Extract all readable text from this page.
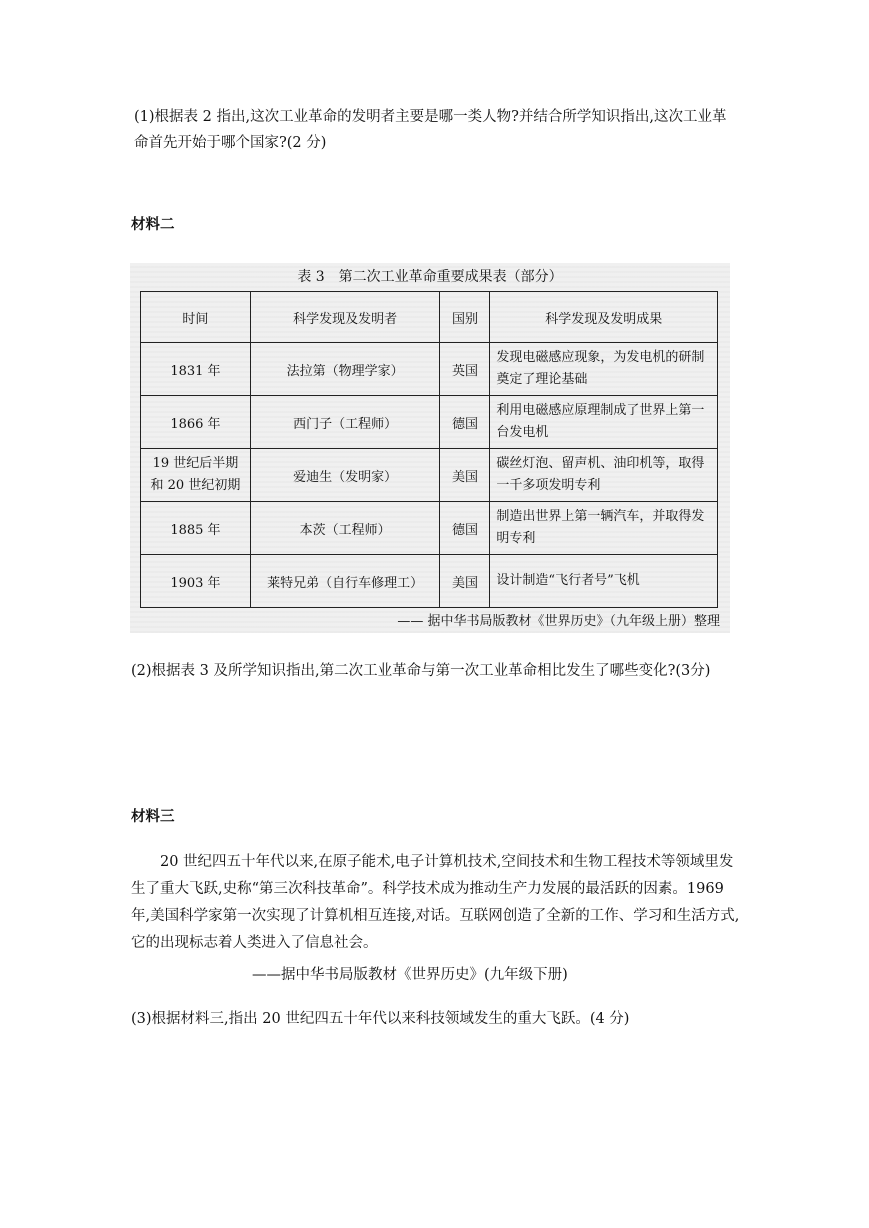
(1)根据表 2 指出,这次工业革命的发明者主要是哪一类人物?并结合所学知识指出,这次工业革命首先开始于哪个国家?(2 分)
材料二
表 3　第二次工业革命重要成果表（部分）
时间	科学发现及发明者	国别	科学发现及发明成果
1831 年	法拉第（物理学家）	英国	发现电磁感应现象，为发电机的研制奠定了理论基础
1866 年	西门子（工程师）	德国	利用电磁感应原理制成了世界上第一台发电机
19 世纪后半期和 20 世纪初期	爱迪生（发明家）	美国	碳丝灯泡、留声机、油印机等，取得一千多项发明专利
1885 年	本茨（工程师）	德国	制造出世界上第一辆汽车，并取得发明专利
1903 年	莱特兄弟（自行车修理工）	美国	设计制造“飞行者号”飞机
—— 据中华书局版教材《世界历史》（九年级上册）整理
(2)根据表 3 及所学知识指出,第二次工业革命与第一次工业革命相比发生了哪些变化?(3分)
材料三
20 世纪四五十年代以来,在原子能术,电子计算机技术,空间技术和生物工程技术等领域里发生了重大飞跃,史称“第三次科技革命”。科学技术成为推动生产力发展的最活跃的因素。1969 年,美国科学家第一次实现了计算机相互连接,对话。互联网创造了全新的工作、学习和生活方式,它的出现标志着人类进入了信息社会。
——据中华书局版教材《世界历史》(九年级下册)
(3)根据材料三,指出 20 世纪四五十年代以来科技领域发生的重大飞跃。(4 分)
